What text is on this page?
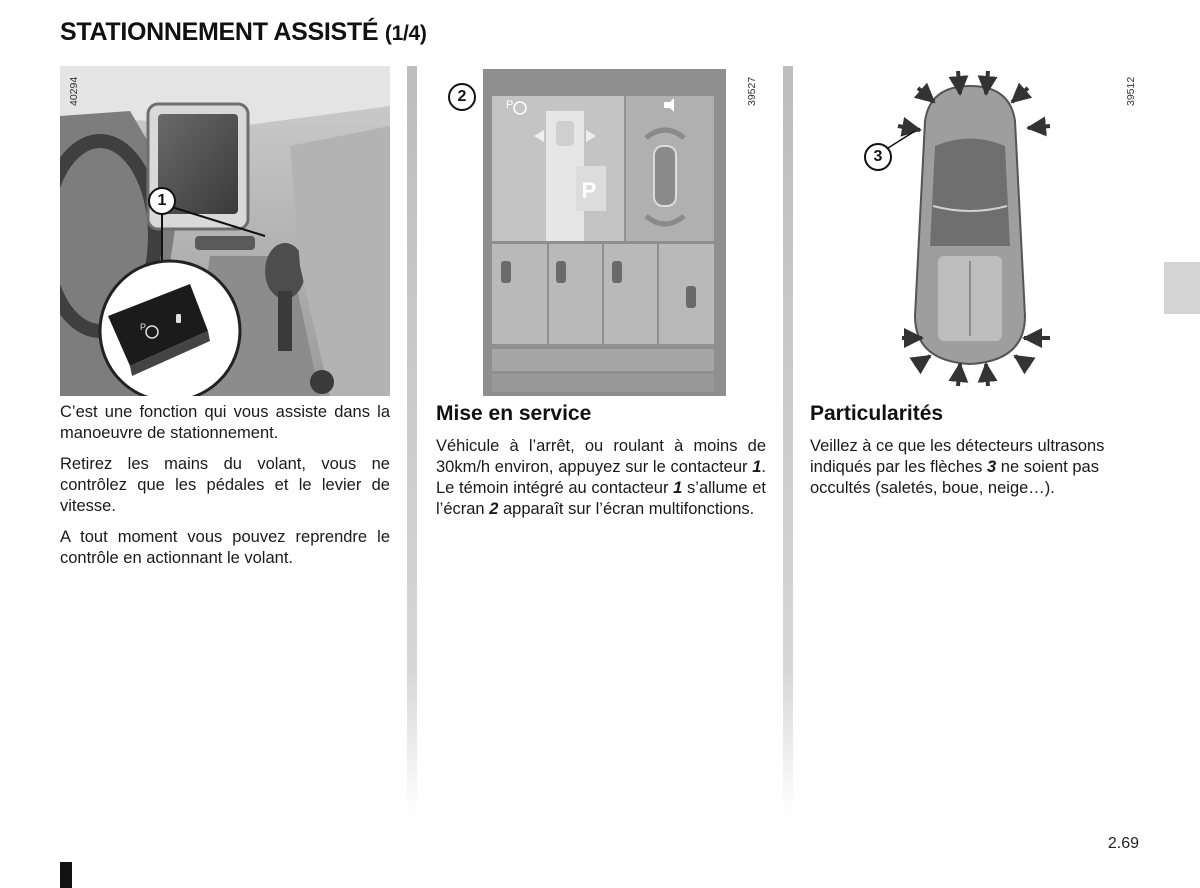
STATIONNEMENT ASSISTÉ (1/4)
P
1
40294
P
P
2	39527
3
39512

C’est une fonction qui vous assiste dans la manoeuvre de stationnement.

Retirez les mains du volant, vous ne contrôlez que les pédales et le levier de vitesse.

A tout moment vous pouvez reprendre le contrôle en actionnant le volant.

Mise en service

Véhicule à l’arrêt, ou roulant à moins de 30km/h environ, appuyez sur le contacteur 1. Le témoin intégré au contacteur 1 s’allume et l’écran 2 apparaît sur l’écran multifonctions.

Particularités

Veillez à ce que les détecteurs ultrasons indiqués par les flèches 3 ne soient pas occultés (saletés, boue, neige…).

2.69
